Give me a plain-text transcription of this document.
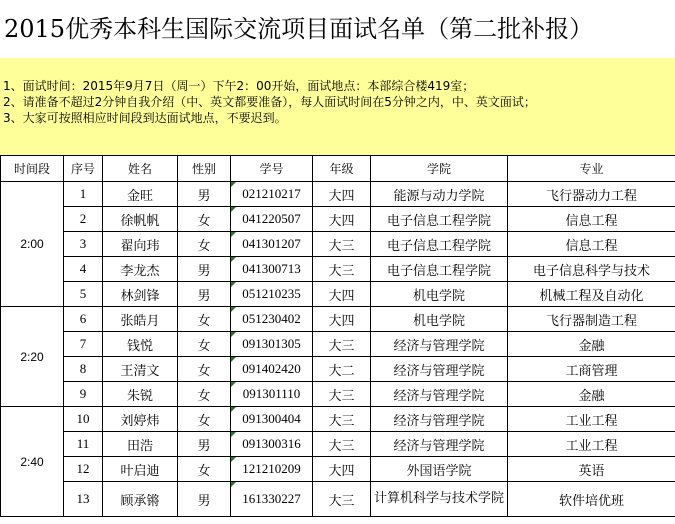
2015优秀本科生国际交流项目面试名单（第二批补报）
1、面试时间：2015年9月7日（周一）下午2：00开始，面试地点：本部综合楼419室；
2、请准备不超过2分钟自我介绍（中、英文都要准备），每人面试时间在5分钟之内，中、英文面试；
3、大家可按照相应时间段到达面试地点，不要迟到。
时间段	序号	姓名	性别	学号	年级	学院	专业
2:00	1	金旺	男	021210217	大四	能源与动力学院	飞行器动力工程
	2	徐帆帆	女	041220507	大四	电子信息工程学院	信息工程
	3	翟向玮	女	041301207	大三	电子信息工程学院	信息工程
	4	李龙杰	男	041300713	大三	电子信息工程学院	电子信息科学与技术
	5	林剑锋	男	051210235	大四	机电学院	机械工程及自动化
2:20	6	张皓月	女	051230402	大四	机电学院	飞行器制造工程
	7	钱悦	女	091301305	大三	经济与管理学院	金融
	8	王清文	女	091402420	大二	经济与管理学院	工商管理
	9	朱锐	女	091301110	大三	经济与管理学院	金融
2:40	10	刘婷炜	女	091300404	大三	经济与管理学院	工业工程
	11	田浩	男	091300316	大三	经济与管理学院	工业工程
	12	叶启迪	女	121210209	大四	外国语学院	英语
	13	顾承锵	男	161330227	大三	计算机科学与技术学院	软件培优班
